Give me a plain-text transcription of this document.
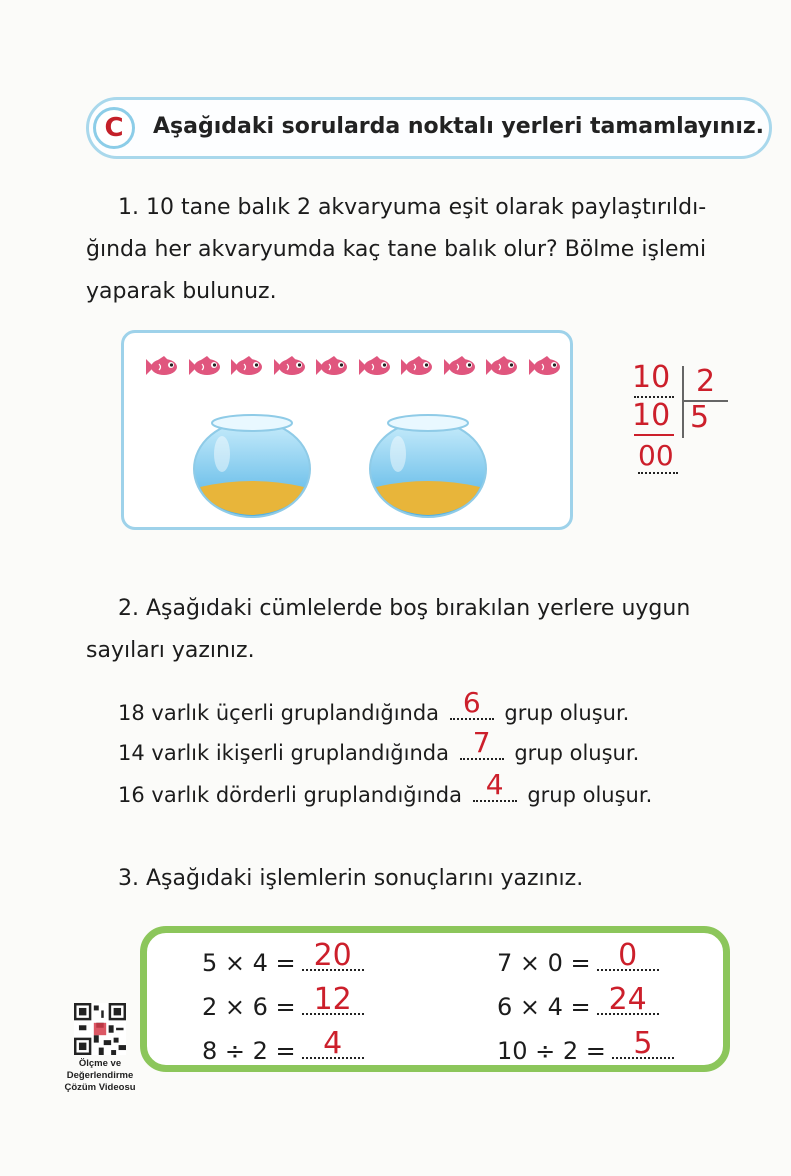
C	Aşağıdaki sorularda noktalı yerleri tamamlayınız.
1. 10 tane balık 2 akvaryuma eşit olarak paylaştırıldı-
ğında her akvaryumda kaç tane balık olur? Bölme işlemi
yaparak bulunuz.
10 2
10 5
00
2. Aşağıdaki cümlelerde boş bırakılan yerlere uygun
sayıları yazınız.
18 varlık üçerli gruplandığında 6	grup oluşur.
14 varlık ikişerli gruplandığında 7	grup oluşur.
16 varlık dörderli gruplandığında 4	grup oluşur.
3. Aşağıdaki işlemlerin sonuçlarını yazınız.
5 × 4 = 20
2 × 6 = 12
8 ÷ 2 = 4
7 × 0 = 0
6 × 4 = 24
10 ÷ 2 = 5
Ölçme ve
Değerlendirme
Çözüm Videosu
